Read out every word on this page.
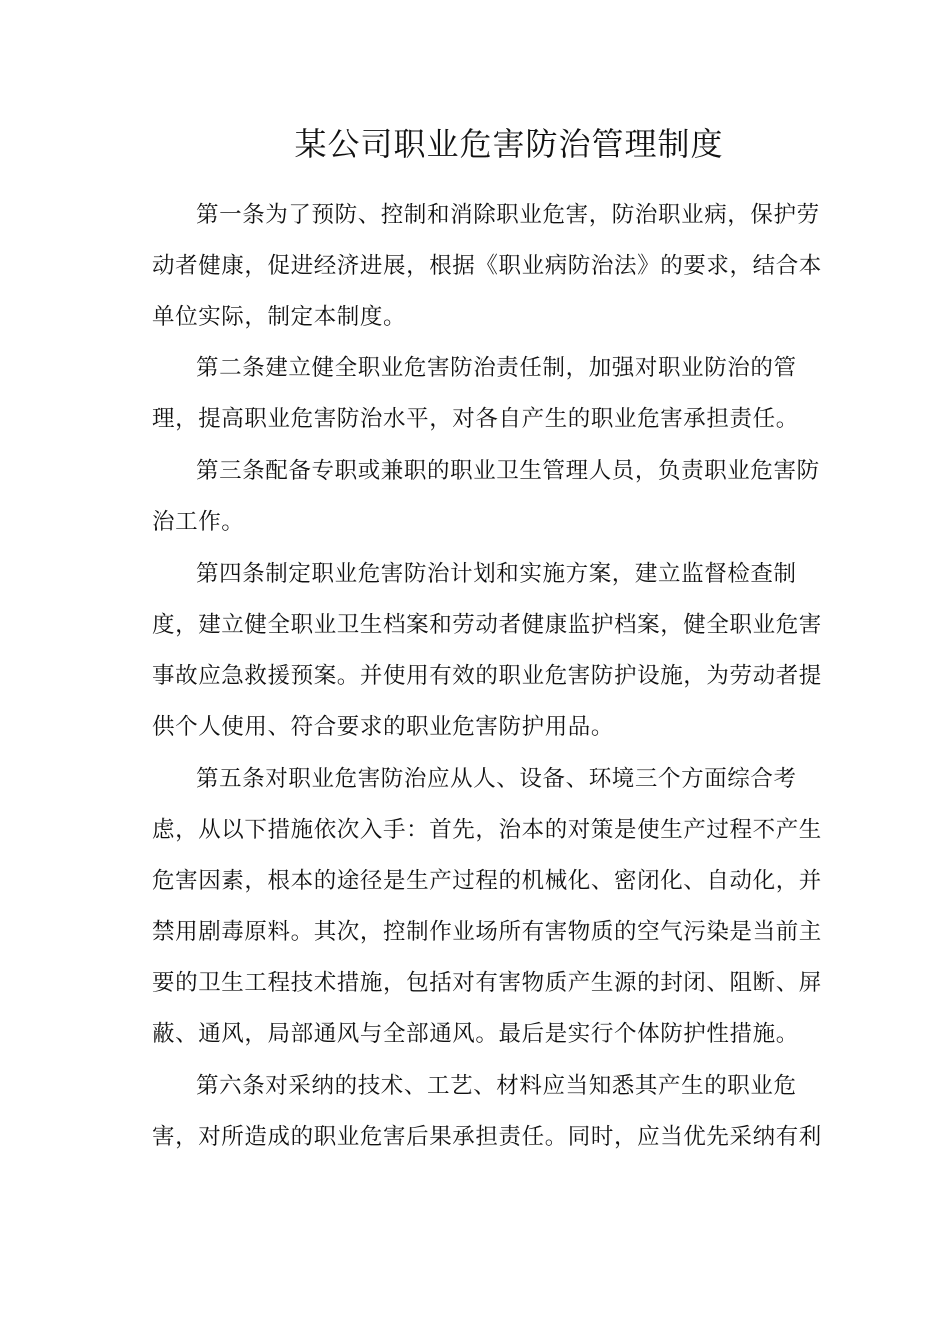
某公司职业危害防治管理制度

第一条为了预防、控制和消除职业危害，防治职业病，保护劳

动者健康，促进经济进展，根据《职业病防治法》的要求，结合本

单位实际，制定本制度。

第二条建立健全职业危害防治责任制，加强对职业防治的管

理，提高职业危害防治水平，对各自产生的职业危害承担责任。

第三条配备专职或兼职的职业卫生管理人员，负责职业危害防

治工作。

第四条制定职业危害防治计划和实施方案，建立监督检查制

度，建立健全职业卫生档案和劳动者健康监护档案，健全职业危害

事故应急救援预案。并使用有效的职业危害防护设施，为劳动者提

供个人使用、符合要求的职业危害防护用品。

第五条对职业危害防治应从人、设备、环境三个方面综合考

虑，从以下措施依次入手：首先，治本的对策是使生产过程不产生

危害因素，根本的途径是生产过程的机械化、密闭化、自动化，并

禁用剧毒原料。其次，控制作业场所有害物质的空气污染是当前主

要的卫生工程技术措施，包括对有害物质产生源的封闭、阻断、屏

蔽、通风，局部通风与全部通风。最后是实行个体防护性措施。

第六条对采纳的技术、工艺、材料应当知悉其产生的职业危

害，对所造成的职业危害后果承担责任。同时，应当优先采纳有利
